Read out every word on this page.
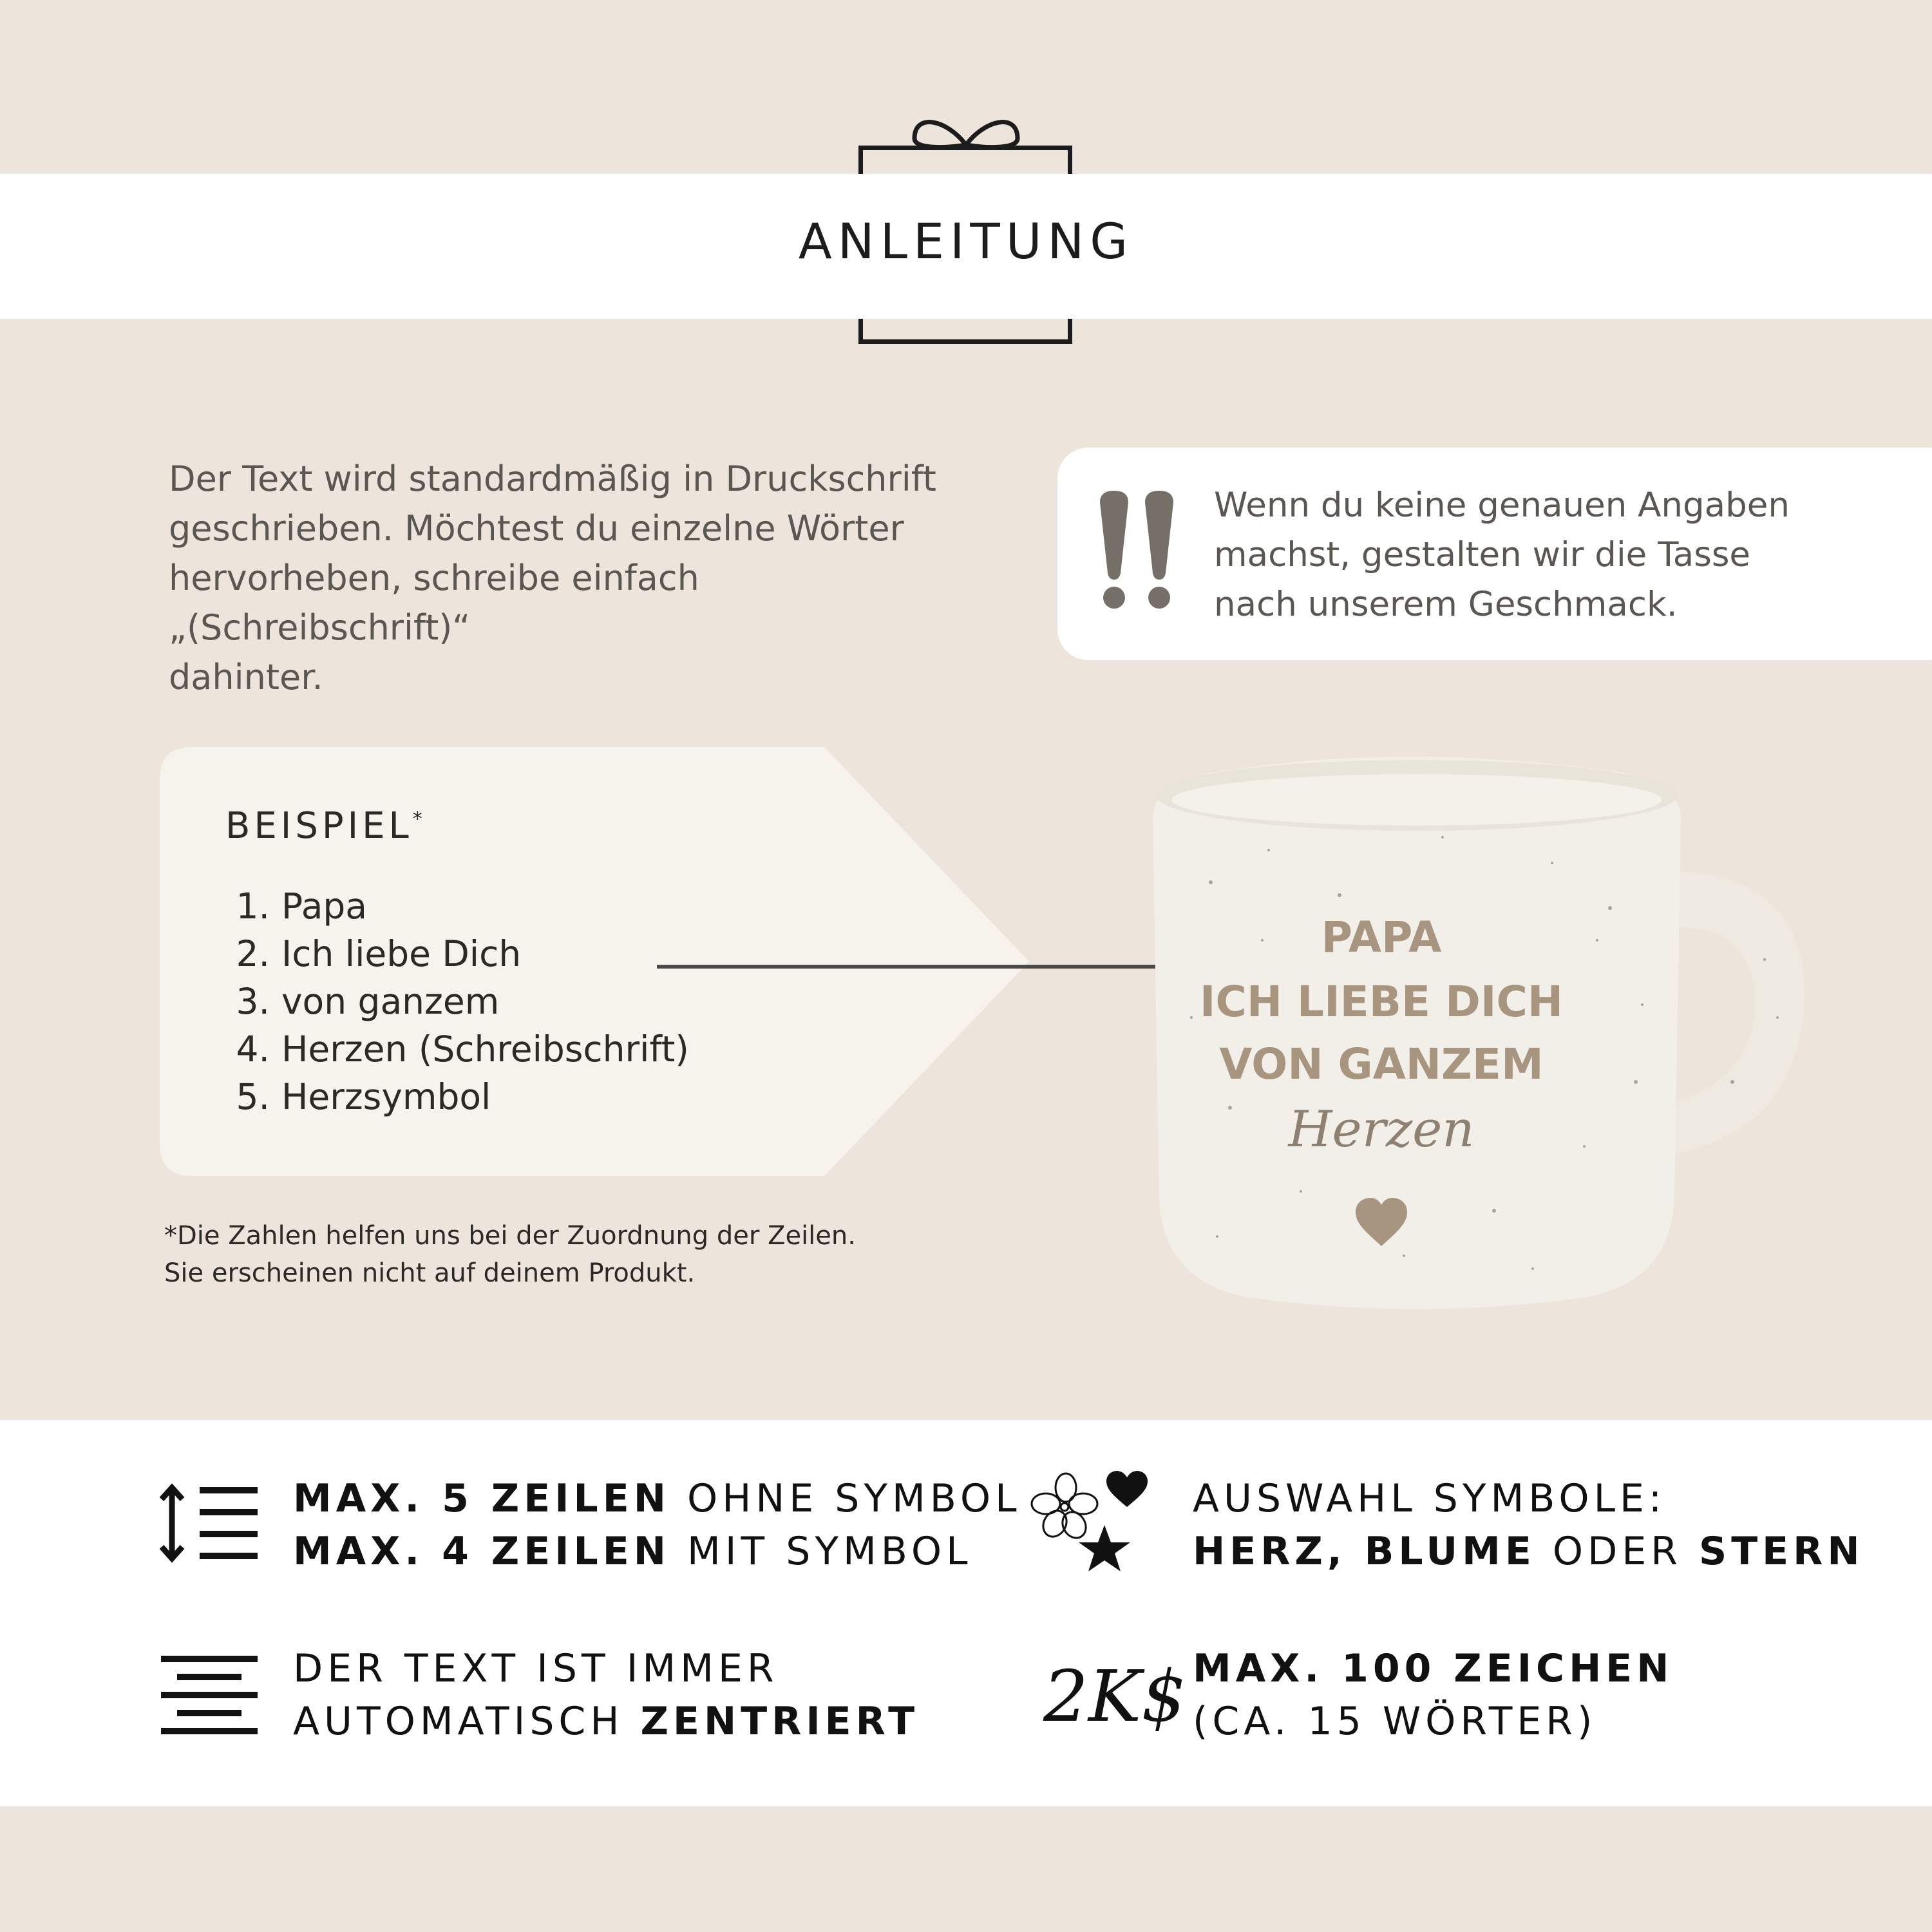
ANLEITUNG
Der Text wird standardmäßig in Druckschrift
geschrieben. Möchtest du einzelne Wörter
hervorheben, schreibe einfach „(Schreibschrift)“
dahinter.
Wenn du keine genauen Angaben
machst, gestalten wir die Tasse
nach unserem Geschmack.
BEISPIEL*
1. Papa
2. Ich liebe Dich
3. von ganzem
4. Herzen (Schreibschrift)
5. Herzsymbol
*Die Zahlen helfen uns bei der Zuordnung der Zeilen.
Sie erscheinen nicht auf deinem Produkt.
PAPA
ICH LIEBE DICH
VON GANZEM
Herzen
MAX. 5 ZEILEN OHNE SYMBOL
MAX. 4 ZEILEN MIT SYMBOL
AUSWAHL SYMBOLE:
HERZ, BLUME ODER STERN
DER TEXT IST IMMER
AUTOMATISCH ZENTRIERT 2K$ MAX. 100 ZEICHEN
(CA. 15 WÖRTER)
